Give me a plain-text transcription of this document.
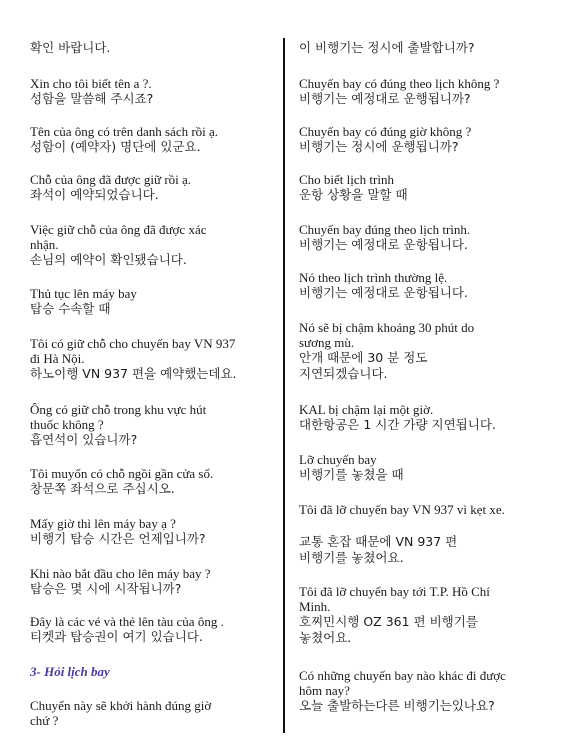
확인 바랍니다.
Xin cho tôi biết tên a ?.
성함을 말씀해 주시죠?
Tên của ông có trên danh sách rồi ạ.
성함이 (예약자) 명단에 있군요.
Chỗ của ông đã được giữ rồi ạ.
좌석이 예약되었습니다.
Việc giữ chỗ của ông đã được xác
nhận.
손님의 예약이 확인됐습니다.
Thủ tục lên máy bay
탑승 수속할 때
Tôi có giữ chỗ cho chuyến bay VN 937
đi Hà Nội.
하노이행 VN 937 편을 예약했는데요.
Ông có giữ chỗ trong khu vực hút
thuốc không ?
흡연석이 있습니까?
Tôi muyốn có chỗ ngồi gần cửa sổ.
창문쪽 좌석으로 주십시오.
Mấy giờ thì lên máy bay ạ ?
비행기 탑승 시간은 언제입니까?
Khi nào bắt đầu cho lên máy bay ?
탑승은 몇 시에 시작됩니까?
Đây là các vé và thẻ lên tàu của ông .
티켓과 탑승권이 여기 있습니다.
3- Hỏi lịch bay
Chuyến này sẽ khởi hành đúng giờ
chứ ?
이 비행기는 정시에 출발합니까?
Chuyến bay có đúng theo lịch không ?
비행기는 예정대로 운행됩니까?
Chuyến bay có đúng giờ không ?
비행기는 정시에 운행됩니까?
Cho biết lịch trình
운항 상황을 말할 때
Chuyến bay đúng theo lịch trình.
비행기는 예정대로 운항됩니다.
Nó theo lịch trình thường lệ.
비행기는 예정대로 운항됩니다.
Nó sẽ bị chậm khoảng 30 phút do
sương mù.
안개 때문에 30 분 정도
지연되겠습니다.
KAL bị chậm lại một giờ.
대한항공은 1 시간 가량 지연됩니다.
Lỡ chuyến bay
비행기를 놓쳤을 때
Tôi đã lỡ chuyến bay VN 937 vì kẹt xe.
교통 혼잡 때문에 VN 937 편
비행기를 놓쳤어요.
Tôi đã lỡ chuyến bay tới T.P. Hồ Chí
Minh.
호찌민시행 OZ 361 편 비행기를
놓쳤어요.
Có những chuyến bay nào khác đi được
hôm nay?
오늘 출발하는다른 비행기는있나요?
